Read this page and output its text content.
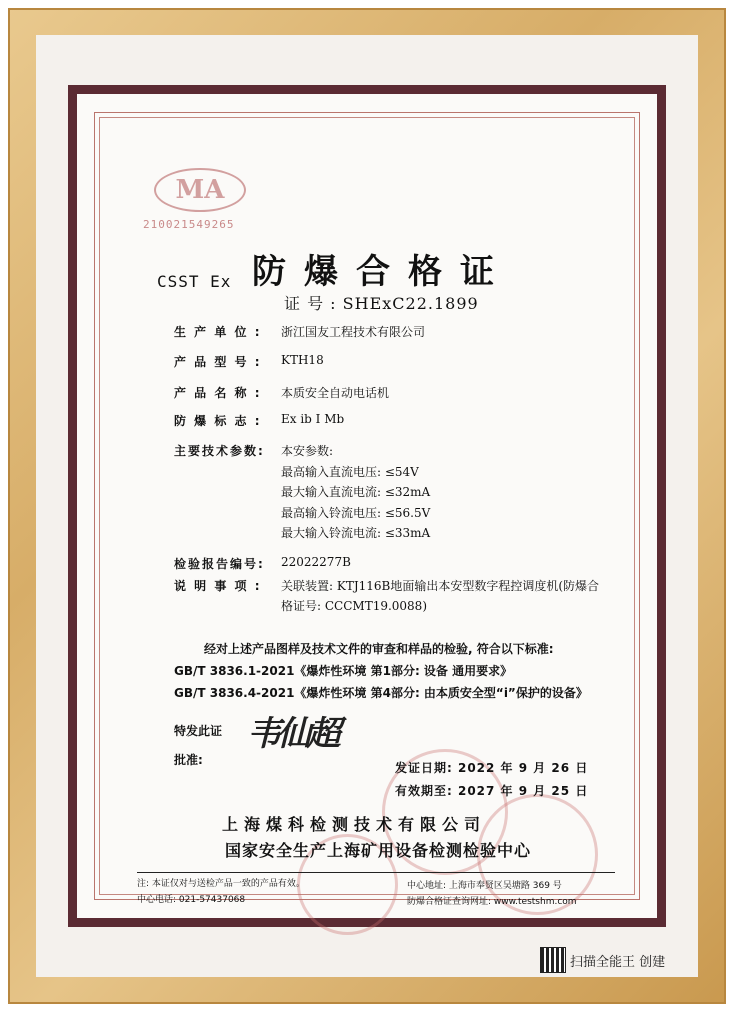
MA
210021549265
CSST Ex 防爆合格证
证 号 : SHExC22.1899
生 产 单 位 : 浙江国友工程技术有限公司
产 品 型 号 : KTH18
产 品 名 称 : 本质安全自动电话机
防 爆 标 志 : Ex ib I Mb
主要技术参数: 本安参数:
最高输入直流电压: ≤54V
最大输入直流电流: ≤32mA
最高输入铃流电压: ≤56.5V
最大输入铃流电流: ≤33mA
检验报告编号: 22022277B
说 明 事 项 : 关联装置: KTJ116B地面输出本安型数字程控调度机(防爆合
格证号: CCCMT19.0088)
经对上述产品图样及技术文件的审查和样品的检验, 符合以下标准:
GB/T 3836.1-2021《爆炸性环境 第1部分: 设备 通用要求》
GB/T 3836.4-2021《爆炸性环境 第4部分: 由本质安全型“i”保护的设备》
特发此证
批准:
韦仙超
发证日期: 2022 年 9 月 26 日
有效期至: 2027 年 9 月 25 日
上海煤科检测技术有限公司
国家安全生产上海矿用设备检测检验中心
注: 本证仅对与送检产品一致的产品有效。
中心电话: 021-57437068
中心地址: 上海市奉贤区吴塘路 369 号
防爆合格证查询网址: www.testshm.com
扫描全能王 创建
